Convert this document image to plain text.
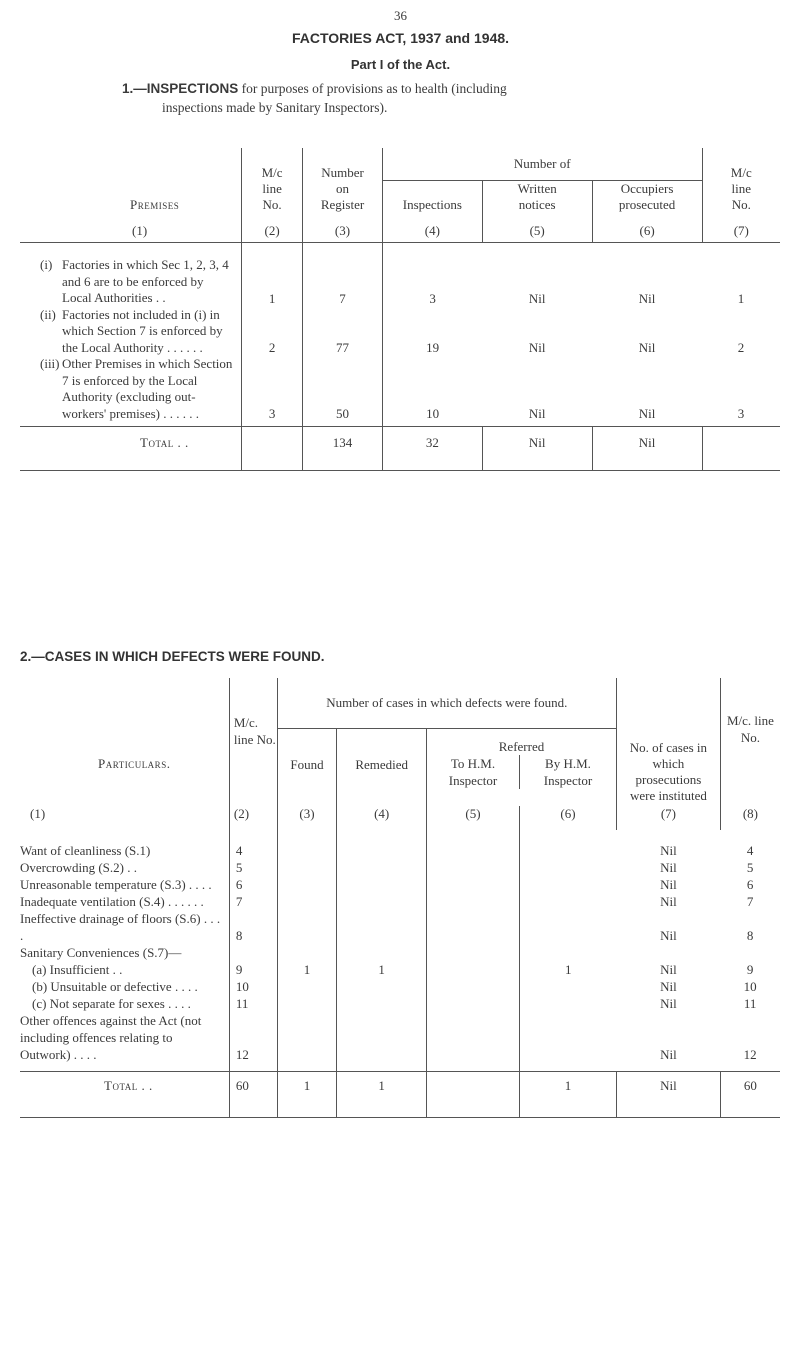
36
FACTORIES ACT, 1937 and 1948.
Part I of the Act.
1.—INSPECTIONS for purposes of provisions as to health (including
inspections made by Sanitary Inspectors).
	M/c line No.	Number on Register	Number of			M/c line No.
Premises			Inspections	Written notices	Occupiers prosecuted	
(1)	(2)	(3)	(4)	(5)	(6)	(7)

(i) Factories in which Sec 1, 2, 3, 4 and 6 are to be enforced by Local Authorities . .	1	7	3	Nil	Nil	1

(ii) Factories not included in (i) in which Section 7 is enforced by the Local Authority . . . . . .	2	77	19	Nil	Nil	2

(iii) Other Premises in which Section 7 is enforced by the Local Authority (excluding out-workers' premises) . . . . . .	3	50	10	Nil	Nil	3
Total . .		134	32	Nil	Nil	

2.—CASES IN WHICH DEFECTS WERE FOUND.
	M/c. line No.	Number of cases in which defects were found.				No. of cases in which prosecutions were instituted	M/c. line No.
Particulars.		Found	Remedied	Referred
To H.M. Inspector
By H.M. Inspector			

(1)	(2)	(3)	(4)	(5)	(6)	(7)	(8)
Want of cleanliness (S.1)	4					Nil	4
Overcrowding (S.2) . .	5					Nil	5
Unreasonable temperature (S.3) . . . .	6					Nil	6
Inadequate ventilation (S.4) . . . . . .	7					Nil	7
Ineffective drainage of floors (S.6) . . . .	8					Nil	8
Sanitary Conveniences (S.7)—							
(a) Insufficient . .	9	1	1		1	Nil	9
(b) Unsuitable or defective . . . .	10					Nil	10
(c) Not separate for sexes . . . .	11					Nil	11
Other offences against the Act (not including offences relating to Outwork) . . . .	12					Nil	12

Total . .	60	1	1		1	Nil	60
